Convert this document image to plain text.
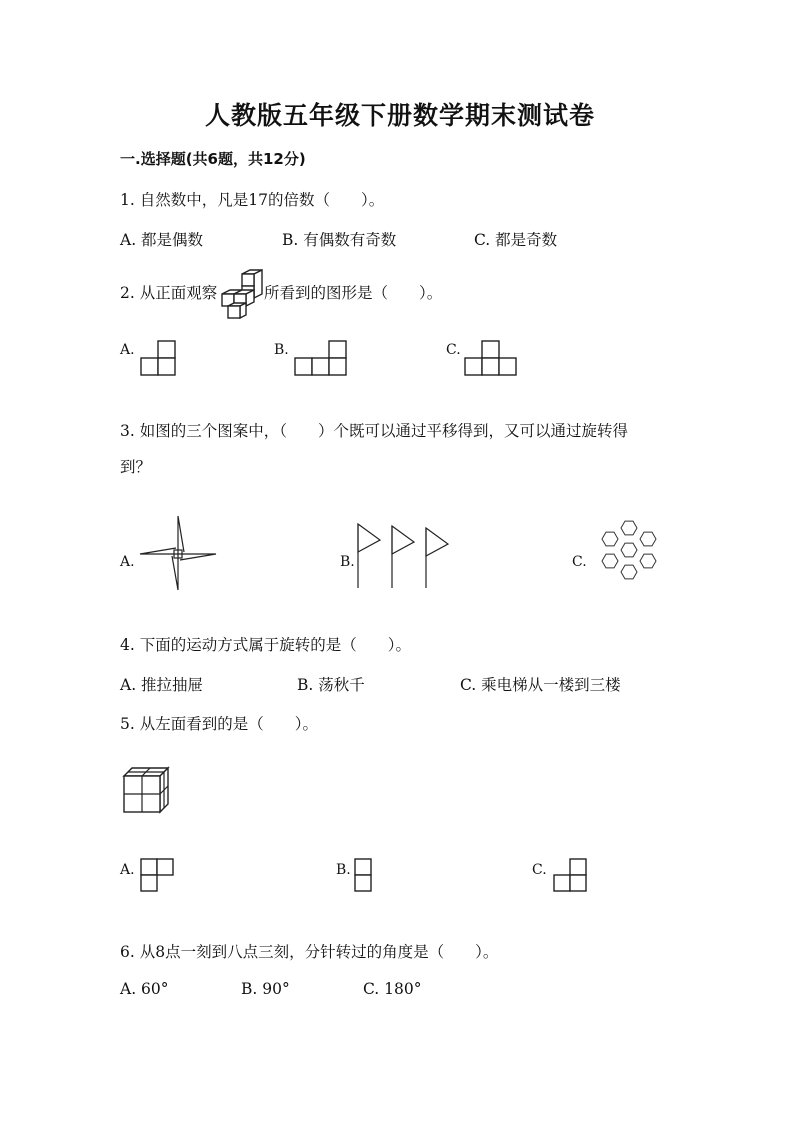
人教版五年级下册数学期末测试卷
一.选择题(共6题，共12分)
1. 自然数中，凡是17的倍数（　　）。
A. 都是偶数	B. 有偶数有奇数	C. 都是奇数
2. 从正面观察	所看到的图形是（　　）。
A.	B.	C.
3. 如图的三个图案中，（　　）个既可以通过平移得到，又可以通过旋转得
到？
A.	B.	C.
4. 下面的运动方式属于旋转的是（　　）。
A. 推拉抽屉	B. 荡秋千	C. 乘电梯从一楼到三楼
5. 从左面看到的是（　　）。
A.	B.	C.
6. 从8点一刻到八点三刻，分针转过的角度是（　　）。
A. 60°	B. 90°	C. 180°
